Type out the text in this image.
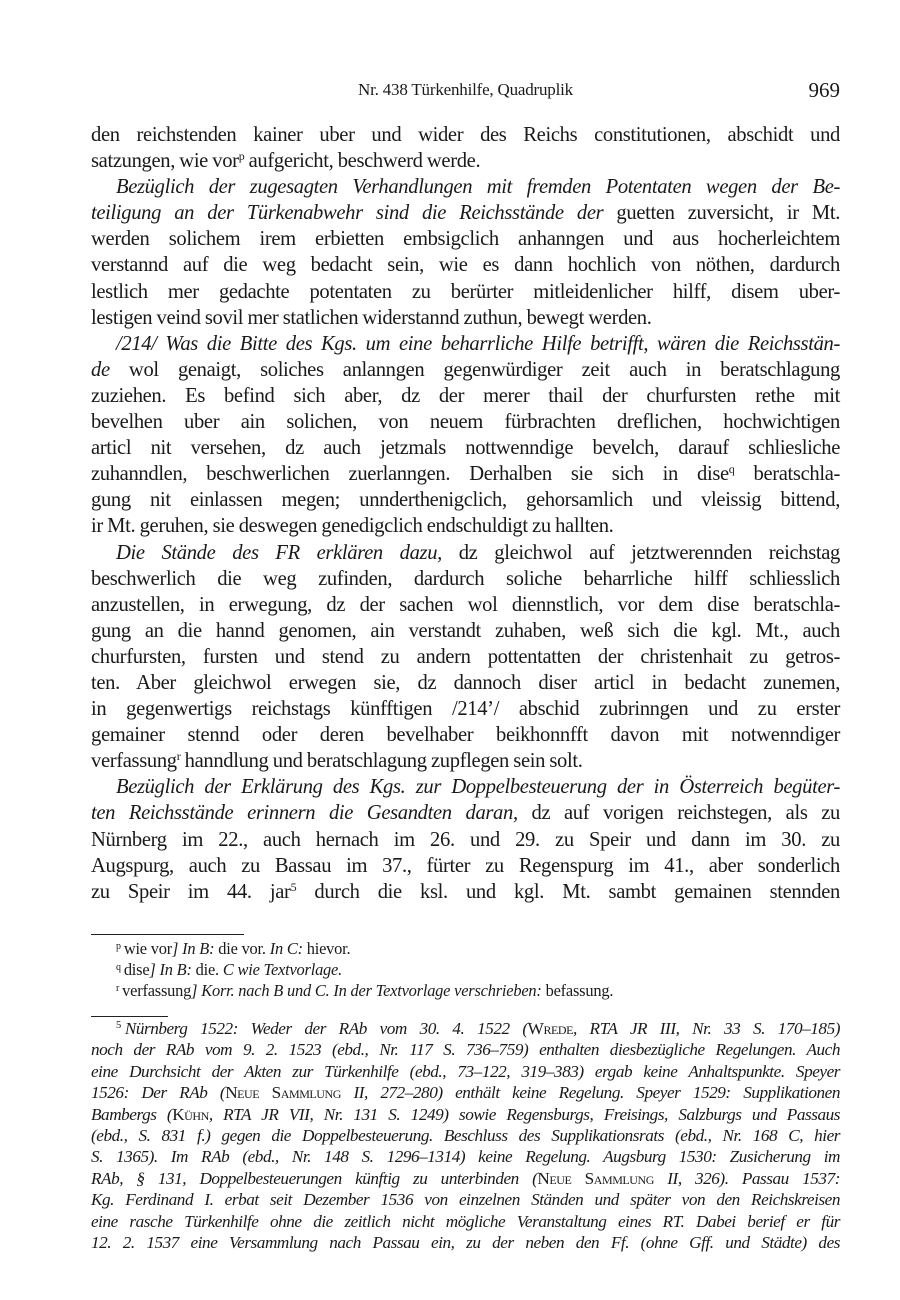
Nr. 438 Türkenhilfe, Quadruplik	969
den reichstenden kainer uber und wider des Reichs constitutionen, abschidt und
satzungen, wie vor$^p$ aufgericht, beschwerd werde.
Bezüglich der zugesagten Verhandlungen mit fremden Potentaten wegen der Be-
teiligung an der Türkenabwehr sind die Reichsstände der guetten zuversicht, ir Mt.
werden solichem irem erbietten embsigclich anhanngen und aus hocherleichtem
verstannd auf die weg bedacht sein, wie es dann hochlich von nöthen, dardurch
lestlich mer gedachte potentaten zu berürter mitleidenlicher hilff, disem uber-
lestigen veind sovil mer statlichen widerstannd zuthun, bewegt werden.
/214/ Was die Bitte des Kgs. um eine beharrliche Hilfe betrifft, wären die Reichsstän-
de wol genaigt, soliches anlanngen gegenwürdiger zeit auch in beratschlagung
zuziehen. Es befind sich aber, dz der merer thail der churfursten rethe mit
bevelhen uber ain solichen, von neuem fürbrachten dreflichen, hochwichtigen
articl nit versehen, dz auch jetzmals nottwenndige bevelch, darauf schliesliche
zuhanndlen, beschwerlichen zuerlanngen. Derhalben sie sich in dise$^q$ beratschla-
gung nit einlassen megen; unnderthenigclich, gehorsamlich und vleissig bittend,
ir Mt. geruhen, sie deswegen genedigclich endschuldigt zu hallten.
Die Stände des FR erklären dazu, dz gleichwol auf jetztwerennden reichstag
beschwerlich die weg zufinden, dardurch soliche beharrliche hilff schliesslich
anzustellen, in erwegung, dz der sachen wol diennstlich, vor dem dise beratschla-
gung an die hannd genomen, ain verstandt zuhaben, weß sich die kgl. Mt., auch
churfursten, fursten und stend zu andern pottentatten der christenhait zu getros-
ten. Aber gleichwol erwegen sie, dz dannoch diser articl in bedacht zunemen,
in gegenwertigs reichstags künfftigen /214’/ abschid zubrinngen und zu erster
gemainer stennd oder deren bevelhaber beikhonnfft davon mit notwenndiger
verfassung$^r$ hanndlung und beratschlagung zupflegen sein solt.
Bezüglich der Erklärung des Kgs. zur Doppelbesteuerung der in Österreich begüter-
ten Reichsstände erinnern die Gesandten daran, dz auf vorigen reichstegen, als zu
Nürnberg im 22., auch hernach im 26. und 29. zu Speir und dann im 30. zu
Augspurg, auch zu Bassau im 37., fürter zu Regenspurg im 41., aber sonderlich
zu Speir im 44. jar$^5$ durch die ksl. und kgl. Mt. sambt gemainen stennden
$^p$ wie vor] In B: die vor. In C: hievor.
$^q$ dise] In B: die. C wie Textvorlage.
$^r$ verfassung] Korr. nach B und C. In der Textvorlage verschrieben: befassung.
$^5$ Nürnberg 1522: Weder der RAb vom 30. 4. 1522 (Wrede, RTA JR III, Nr. 33 S. 170–185)
noch der RAb vom 9. 2. 1523 (ebd., Nr. 117 S. 736–759) enthalten diesbezügliche Regelungen. Auch
eine Durchsicht der Akten zur Türkenhilfe (ebd., 73–122, 319–383) ergab keine Anhaltspunkte. Speyer
1526: Der RAb (Neue Sammlung II, 272–280) enthält keine Regelung. Speyer 1529: Supplikationen
Bambergs (Kühn, RTA JR VII, Nr. 131 S. 1249) sowie Regensburgs, Freisings, Salzburgs und Passaus
(ebd., S. 831 f.) gegen die Doppelbesteuerung. Beschluss des Supplikationsrats (ebd., Nr. 168 C, hier
S. 1365). Im RAb (ebd., Nr. 148 S. 1296–1314) keine Regelung. Augsburg 1530: Zusicherung im
RAb, § 131, Doppelbesteuerungen künftig zu unterbinden (Neue Sammlung II, 326). Passau 1537:
Kg. Ferdinand I. erbat seit Dezember 1536 von einzelnen Ständen und später von den Reichskreisen
eine rasche Türkenhilfe ohne die zeitlich nicht mögliche Veranstaltung eines RT. Dabei berief er für
12. 2. 1537 eine Versammlung nach Passau ein, zu der neben den Ff. (ohne Gff. und Städte) des
